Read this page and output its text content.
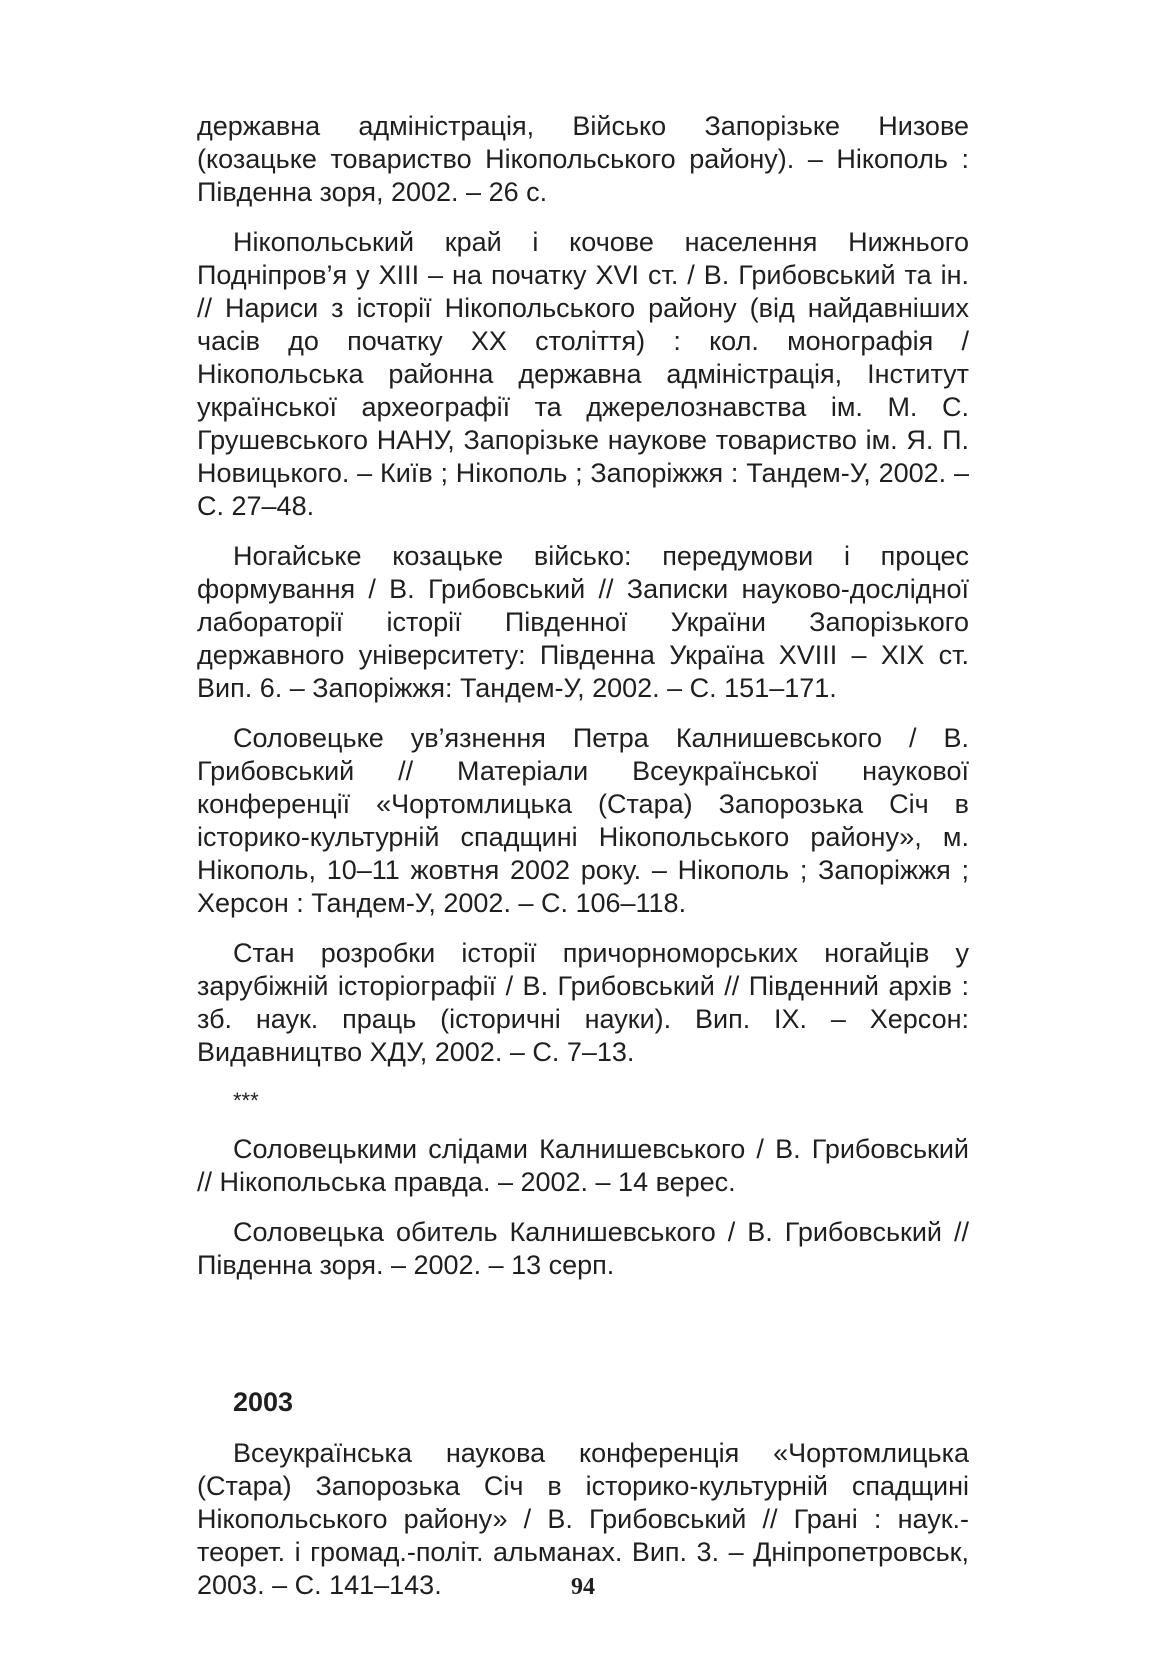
державна адміністрація, Військо Запорізьке Низове (козацьке товариство Нікопольського району). – Нікополь : Південна зоря, 2002. – 26 с.

Нікопольський край і кочове населення Нижнього Подніпров’я у XIII – на початку XVI ст. / В. Грибовський та ін. // Нариси з історії Нікопольського району (від найдавніших часів до початку XX століття) : кол. монографія / Нікопольська районна державна адміністрація, Інститут української археографії та джерелознавства ім. М. С. Грушевського НАНУ, Запорізьке наукове товариство ім. Я. П. Новицького. – Київ ; Нікополь ; Запоріжжя : Тандем-У, 2002. – С. 27–48.

Ногайське козацьке військо: передумови і процес формування / В. Грибовський // Записки науково-дослідної лабораторії історії Південної України Запорізького державного університету: Південна Україна XVIII – XIX ст. Вип. 6. – Запоріжжя: Тандем-У, 2002. – С. 151–171.

Соловецьке ув’язнення Петра Калнишевського / В. Грибовський // Матеріали Всеукраїнської наукової конференції «Чортомлицька (Стара) Запорозька Січ в історико-культурній спадщині Нікопольського району», м. Нікополь, 10–11 жовтня 2002 року. – Нікополь ; Запоріжжя ; Херсон : Тандем-У, 2002. – С. 106–118.

Стан розробки історії причорноморських ногайців у зарубіжній історіографії / В. Грибовський // Південний архів : зб. наук. праць (історичні науки). Вип. IX. – Херсон: Видавництво ХДУ, 2002. – С. 7–13.

***

Соловецькими слідами Калнишевського / В. Грибовський // Нікопольська правда. – 2002. – 14 верес.

Соловецька обитель Калнишевського / В. Грибовський // Південна зоря. – 2002. – 13 серп.

2003

Всеукраїнська наукова конференція «Чортомлицька (Стара) Запорозька Січ в історико-культурній спадщині Нікопольського району» / В. Грибовський // Грані : наук.-теорет. і громад.-політ. альманах. Вип. 3. – Дніпропетровськ, 2003. – С. 141–143.	94
